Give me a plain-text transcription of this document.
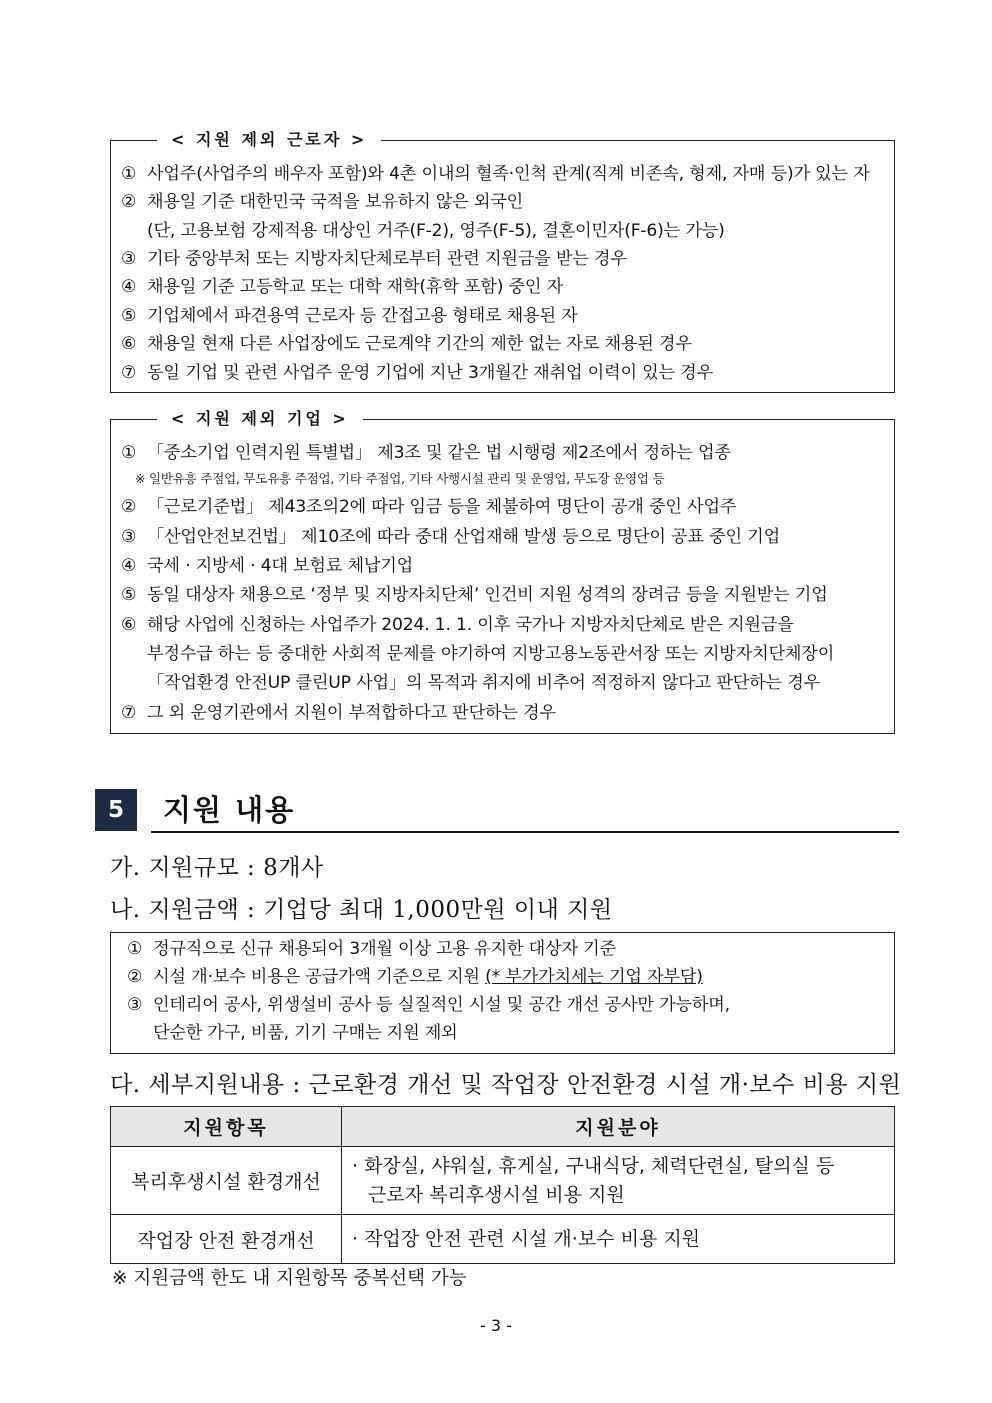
< 지원 제외 근로자 >
① 사업주(사업주의 배우자 포함)와 4촌 이내의 혈족·인척 관계(직계 비존속, 형제, 자매 등)가 있는 자
② 채용일 기준 대한민국 국적을 보유하지 않은 외국인
(단, 고용보험 강제적용 대상인 거주(F-2), 영주(F-5), 결혼이민자(F-6)는 가능)
③ 기타 중앙부처 또는 지방자치단체로부터 관련 지원금을 받는 경우
④ 채용일 기준 고등학교 또는 대학 재학(휴학 포함) 중인 자
⑤ 기업체에서 파견용역 근로자 등 간접고용 형태로 채용된 자
⑥ 채용일 현재 다른 사업장에도 근로계약 기간의 제한 없는 자로 채용된 경우
⑦ 동일 기업 및 관련 사업주 운영 기업에 지난 3개월간 재취업 이력이 있는 경우
< 지원 제외 기업 >
① 「중소기업 인력지원 특별법」 제3조 및 같은 법 시행령 제2조에서 정하는 업종
※ 일반유흥 주점업, 무도유흥 주점업, 기타 주점업, 기타 사행시설 관리 및 운영업, 무도장 운영업 등
② 「근로기준법」 제43조의2에 따라 임금 등을 체불하여 명단이 공개 중인 사업주
③ 「산업안전보건법」 제10조에 따라 중대 산업재해 발생 등으로 명단이 공표 중인 기업
④ 국세 · 지방세 · 4대 보험료 체납기업
⑤ 동일 대상자 채용으로 ‘정부 및 지방자치단체’ 인건비 지원 성격의 장려금 등을 지원받는 기업
⑥ 해당 사업에 신청하는 사업주가 2024. 1. 1. 이후 국가나 지방자치단체로 받은 지원금을
부정수급 하는 등 중대한 사회적 문제를 야기하여 지방고용노동관서장 또는 지방자치단체장이
「작업환경 안전UP 클린UP 사업」의 목적과 취지에 비추어 적정하지 않다고 판단하는 경우
⑦ 그 외 운영기관에서 지원이 부적합하다고 판단하는 경우
5	지원 내용
가. 지원규모 : 8개사
나. 지원금액 : 기업당 최대 1,000만원 이내 지원
① 정규직으로 신규 채용되어 3개월 이상 고용 유지한 대상자 기준
② 시설 개·보수 비용은 공급가액 기준으로 지원 (* 부가가치세는 기업 자부담)
③ 인테리어 공사, 위생설비 공사 등 실질적인 시설 및 공간 개선 공사만 가능하며,
단순한 가구, 비품, 기기 구매는 지원 제외
다. 세부지원내용 : 근로환경 개선 및 작업장 안전환경 시설 개·보수 비용 지원
지원항목	지원분야
복리후생시설 환경개선	· 화장실, 샤워실, 휴게실, 구내식당, 체력단련실, 탈의실 등
근로자 복리후생시설 비용 지원

작업장 안전 환경개선	· 작업장 안전 관련 시설 개·보수 비용 지원
※ 지원금액 한도 내 지원항목 중복선택 가능
- 3 -
